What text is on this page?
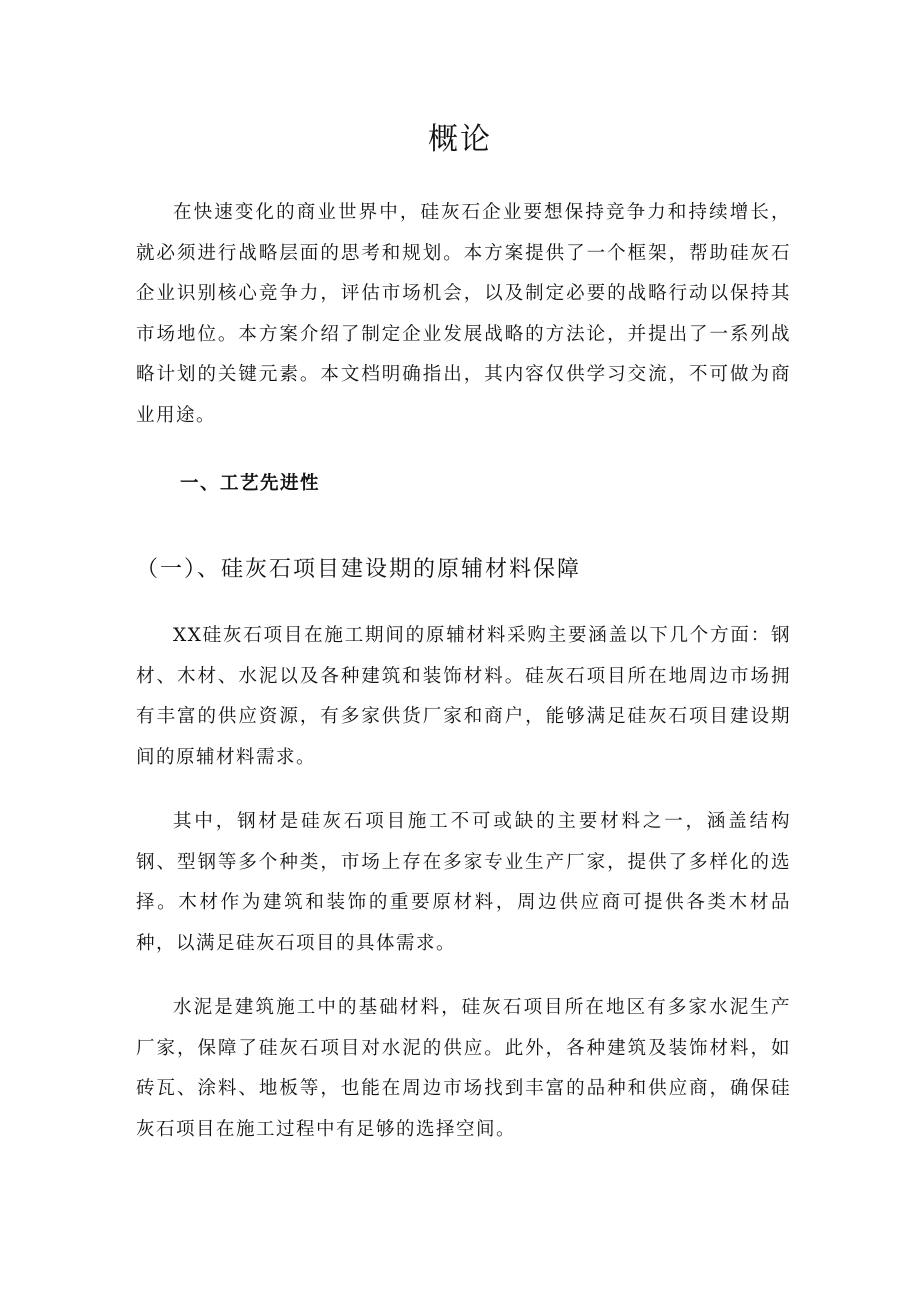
概论

在快速变化的商业世界中，硅灰石企业要想保持竞争力和持续增长，就必须进行战略层面的思考和规划。本方案提供了一个框架，帮助硅灰石企业识别核心竞争力，评估市场机会，以及制定必要的战略行动以保持其市场地位。本方案介绍了制定企业发展战略的方法论，并提出了一系列战略计划的关键元素。本文档明确指出，其内容仅供学习交流，不可做为商业用途。

一、工艺先进性
（一）、硅灰石项目建设期的原辅材料保障

XX硅灰石项目在施工期间的原辅材料采购主要涵盖以下几个方面：钢材、木材、水泥以及各种建筑和装饰材料。硅灰石项目所在地周边市场拥有丰富的供应资源，有多家供货厂家和商户，能够满足硅灰石项目建设期间的原辅材料需求。

其中，钢材是硅灰石项目施工不可或缺的主要材料之一，涵盖结构钢、型钢等多个种类，市场上存在多家专业生产厂家，提供了多样化的选择。木材作为建筑和装饰的重要原材料，周边供应商可提供各类木材品种，以满足硅灰石项目的具体需求。

水泥是建筑施工中的基础材料，硅灰石项目所在地区有多家水泥生产厂家，保障了硅灰石项目对水泥的供应。此外，各种建筑及装饰材料，如砖瓦、涂料、地板等，也能在周边市场找到丰富的品种和供应商，确保硅灰石项目在施工过程中有足够的选择空间。
